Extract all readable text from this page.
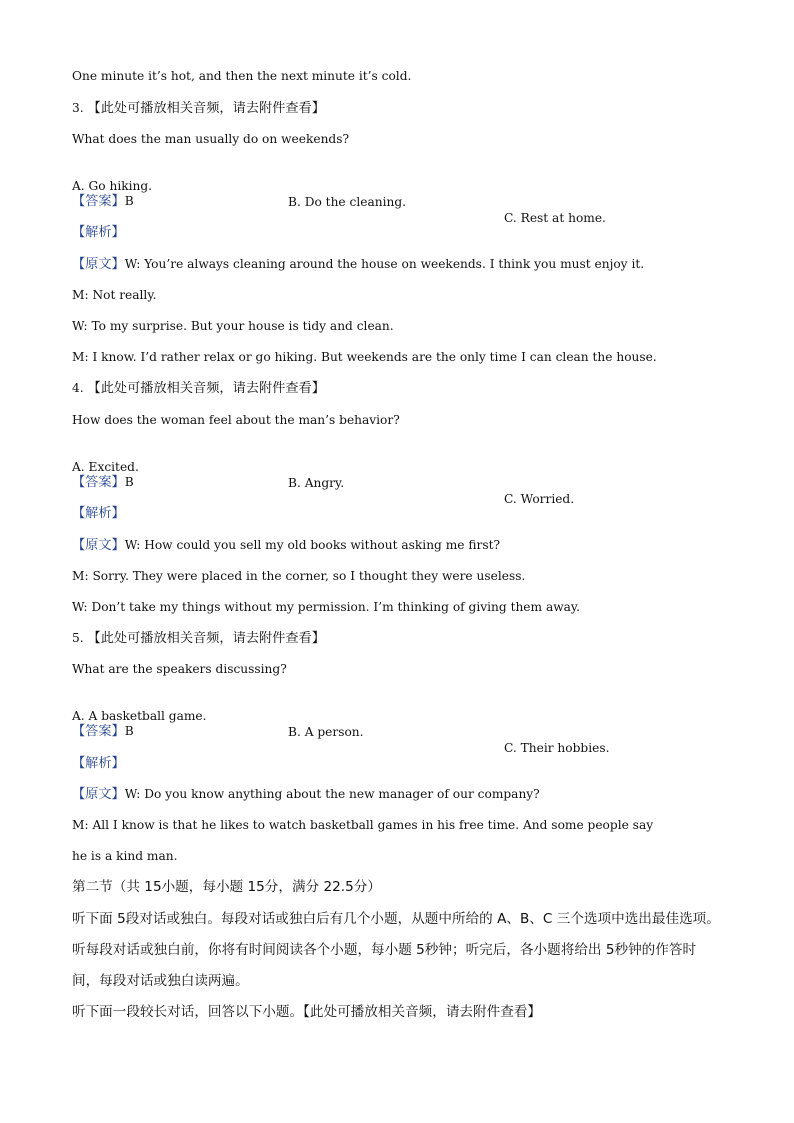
One minute it’s hot, and then the next minute it’s cold.
3. 【此处可播放相关音频，请去附件查看】
What does the man usually do on weekends?

A. Go hiking.

B. Do the cleaning.

C. Rest at home.

【答案】B
【解析】
【原文】W: You’re always cleaning around the house on weekends. I think you must enjoy it.
M: Not really.
W: To my surprise. But your house is tidy and clean.
M: I know. I’d rather relax or go hiking. But weekends are the only time I can clean the house.
4. 【此处可播放相关音频，请去附件查看】
How does the woman feel about the man’s behavior?

A. Excited.

B. Angry.

C. Worried.

【答案】B
【解析】
【原文】W: How could you sell my old books without asking me first?
M: Sorry. They were placed in the corner, so I thought they were useless.
W: Don’t take my things without my permission. I’m thinking of giving them away.
5. 【此处可播放相关音频，请去附件查看】
What are the speakers discussing?

A. A basketball game.

B. A person.

C. Their hobbies.

【答案】B
【解析】
【原文】W: Do you know anything about the new manager of our company?
M: All I know is that he likes to watch basketball games in his free time. And some people say
he is a kind man.
第二节（共 15小题，每小题 15分，满分 22.5分）
听下面 5段对话或独白。每段对话或独白后有几个小题，从题中所给的 A、B、C 三个选项中选出最佳选项。
听每段对话或独白前，你将有时间阅读各个小题，每小题 5秒钟；听完后，各小题将给出 5秒钟的作答时
间，每段对话或独白读两遍。
听下面一段较长对话，回答以下小题。【此处可播放相关音频，请去附件查看】
